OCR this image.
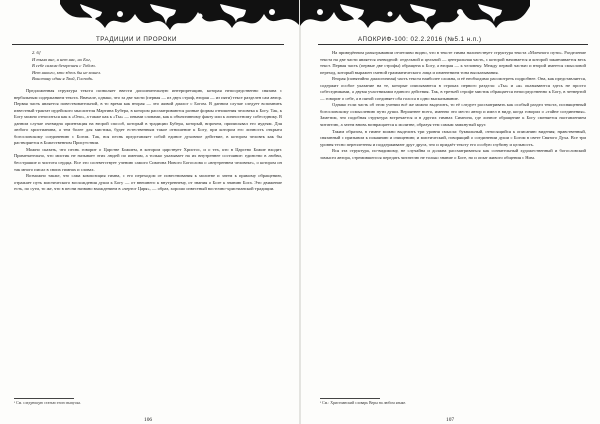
ТРАДИЦИИ И ПРОРОКИ
2. 6]
И тьма вне, и нет нас, но Бог,
В себе самом безгрешен с Тобою.
Нет никого, кто здесь бы не вошел.
Воистину один я Твой, Господь.

Предложенная структура текста позволяет ввести дополнительную интерпретацию, которая непосредственно связана с вербальным содержанием текста. Вначале, однако, что за две части (первая — из двух строф, вторая — из пяти) текст разделен сам автор. Первая часть является повествовательной, в то время как вторая — это живой диалог с Богом. В данном случае следует вспомнить известный трактат иудейского мыслителя Мартина Бубера, в котором рассматриваются разные формы отношения человека к Богу. Так, к Богу можно относиться как к «Оно», а также как к «Ты» — иными словами, как к объективному факту или к личностному собеседнику. В данном случае очевидна ориентация на второй способ, который в традиции Бубера, который, впрочем, приписывал его иудеям. Для любого христианина, а тем более для мистика, будет естественным такое отношение к Богу, при котором его личность открыта богословскому соединению с Богом. Так, вся песнь представляет собой единое духовное действие, в котором человек как бы растворяется в Божественном Присутствии.

Можно сказать, что песнь говорит о Царстве Божием, в котором царствует Христос, и о тех, кто в Царство Божие входит. Примечательно, что мистик не называет этих людей по именам, а только указывает на их внутреннее состояние: единство в любви, бесстрашие и чистота сердца. Все это соответствует учению самого Симеона Нового Богослова о «внутреннем человеке», о котором он так много писал в своих гимнах и словах.

Возможно также, что сама композиция гимна, с его переходом от повествования к молитве и затем к прямому обращению, отражает путь мистического восхождения души к Богу — от внешнего к внутреннему, от знания о Боге к знанию Бога. Это движение есть, по сути, то же, что в песни названо вхождением в «чертог Царя», — образ, хорошо известный восточно-христианской традиции.

¹ См. следующую статью этого выпуска.
106
АПОКРИФ-100: 02.2.2016 (№5.1 н.п.)

На приведённом разыгрывании отчетливо видно, что в тексте гимна наличествует структура текста «Млечного пути». Разделение текста на две части является очевидной: отдельной и цельной — центральная часть, с которой начинается и которой заканчивается весь текст. Первая часть (первые две строфы) обращена к Богу, а вторая — к человеку. Между первой частью и второй имеется смысловой переход, который выражен сменой грамматического лица и изменением тона высказывания.

Вторая (понятийно диалогичная) часть текста наиболее сложна, и её необходимо рассмотреть подробнее. Она, как представляется, содержит особое указание на те, которые описываются в строках первого раздела: «Ты» и «я» оказываются здесь не просто собеседниками, а двумя участниками единого действия. Так, в третьей строфе мистик обращается непосредственно к Богу, в четвертой — говорит о себе, а в пятой соединяет оба голоса в одно высказывание.

Однако если часть об этом учении всё же можно выделить, то её следует рассматривать как особый раздел текста, посвященный богословскому осмыслению пути души. Вероятнее всего, именно это место автор и имел в виду, когда говорил о «тайне соединения». Заметим, что подобная структура встречается и в других гимнах Симеона, где личное обращение к Богу сменяется наставлением читателю, а затем вновь возвращается к молитве, образуя тем самым замкнутый круг.

Таким образом, в гимне можно выделить три уровня смысла: буквальный, относящийся к описанию видения; нравственный, связанный с призывом к покаянию и очищению; и мистический, говорящий о соединении души с Богом в свете Святого Духа. Все три уровня тесно переплетены и поддерживают друг друга, что и придаёт тексту его особую глубину и цельность.

Вся эта структура, по-видимому, не случайна и должна рассматриваться как сознательный художественный и богословский замысел автора, стремившегося передать читателю не только знание о Боге, но и опыт живого общения с Ним.

¹ См.: Христианский словарь Веры на любом языке.
107
